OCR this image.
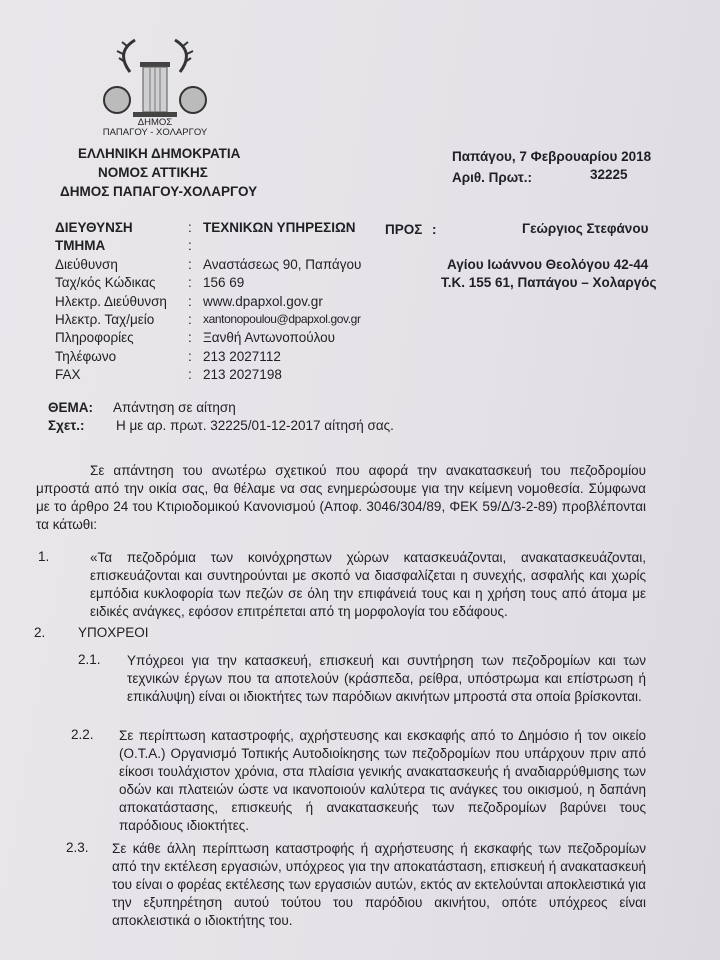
ΔΗΜΟΣ
ΠΑΠΑΓΟΥ - ΧΟΛΑΡΓΟΥ
ΕΛΛΗΝΙΚΗ ΔΗΜΟΚΡΑΤΙΑ
ΝΟΜΟΣ ΑΤΤΙΚΗΣ
ΔΗΜΟΣ ΠΑΠΑΓΟΥ-ΧΟΛΑΡΓΟΥ
Παπάγου, 7 Φεβρουαρίου 2018
Αριθ. Πρωτ.:	32225
ΔΙΕΥΘΥΝΣΗ	: ΤΕΧΝΙΚΩΝ ΥΠΗΡΕΣΙΩΝ
ΤΜΗΜΑ	:
Διεύθυνση	: Αναστάσεως 90, Παπάγου
Ταχ/κός Κώδικας : 156 69
Ηλεκτρ. Διεύθυνση : www.dpapxol.gov.gr
Ηλεκτρ. Ταχ/μείο	: xantonopoulou@dpapxol.gov.gr
Πληροφορίες	: Ξανθή Αντωνοπούλου
Τηλέφωνο	: 213 2027112
FAX	: 213 2027198
ΠΡΟΣ :	Γεώργιος Στεφάνου
Αγίου Ιωάννου Θεολόγου 42-44
Τ.Κ. 155 61, Παπάγου – Χολαργός
ΘΕΜΑ: Απάντηση σε αίτηση
Σχετ.: Η με αρ. πρωτ. 32225/01-12-2017 αίτησή σας.
Σε απάντηση του ανωτέρω σχετικού που αφορά την ανακατασκευή του πεζοδρομίου μπροστά από την οικία σας, θα θέλαμε να σας ενημερώσουμε για την κείμενη νομοθεσία. Σύμφωνα με το άρθρο 24 του Κτιριοδομικού Κανονισμού (Αποφ. 3046/304/89, ΦΕΚ 59/Δ/3-2-89) προβλέπονται τα κάτωθι:
1.	«Τα πεζοδρόμια των κοινόχρηστων χώρων κατασκευάζονται, ανακατασκευάζονται, επισκευάζονται και συντηρούνται με σκοπό να διασφαλίζεται η συνεχής, ασφαλής και χωρίς εμπόδια κυκλοφορία των πεζών σε όλη την επιφάνειά τους και η χρήση τους από άτομα με ειδικές ανάγκες, εφόσον επιτρέπεται από τη μορφολογία του εδάφους.
2. ΥΠΟΧΡΕΟΙ
2.1. Υπόχρεοι για την κατασκευή, επισκευή και συντήρηση των πεζοδρομίων και των τεχνικών έργων που τα αποτελούν (κράσπεδα, ρείθρα, υπόστρωμα και επίστρωση ή επικάλυψη) είναι οι ιδιοκτήτες των παρόδιων ακινήτων μπροστά στα οποία βρίσκονται.
2.2. Σε περίπτωση καταστροφής, αχρήστευσης και εκσκαφής από το Δημόσιο ή τον οικείο (Ο.Τ.Α.) Οργανισμό Τοπικής Αυτοδιοίκησης των πεζοδρομίων που υπάρχουν πριν από είκοσι τουλάχιστον χρόνια, στα πλαίσια γενικής ανακατασκευής ή αναδιαρρύθμισης των οδών και πλατειών ώστε να ικανοποιούν καλύτερα τις ανάγκες του οικισμού, η δαπάνη αποκατάστασης, επισκευής ή ανακατασκευής των πεζοδρομίων βαρύνει τους παρόδιους ιδιοκτήτες.
2.3. Σε κάθε άλλη περίπτωση καταστροφής ή αχρήστευσης ή εκσκαφής των πεζοδρομίων από την εκτέλεση εργασιών, υπόχρεος για την αποκατάσταση, επισκευή ή ανακατασκευή του είναι ο φορέας εκτέλεσης των εργασιών αυτών, εκτός αν εκτελούνται αποκλειστικά για την εξυπηρέτηση αυτού τούτου του παρόδιου ακινήτου, οπότε υπόχρεος είναι αποκλειστικά ο ιδιοκτήτης του.
